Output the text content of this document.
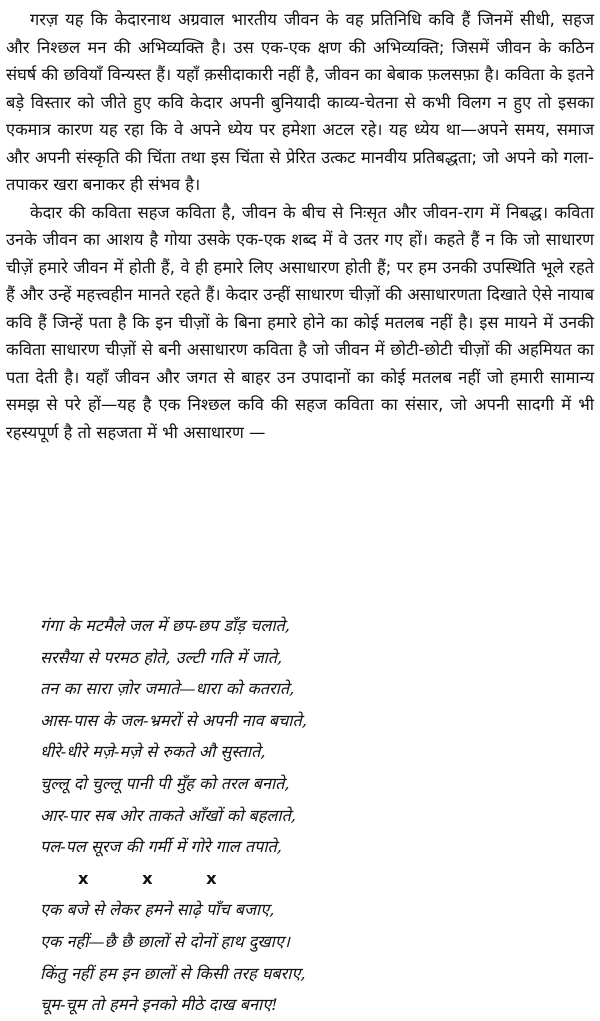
गरज़ यह कि केदारनाथ अग्रवाल भारतीय जीवन के वह प्रतिनिधि कवि हैं जिनमें सीधी, सहज और निश्छल मन की अभिव्यक्ति है। उस एक-एक क्षण की अभिव्यक्ति; जिसमें जीवन के कठिन संघर्ष की छवियाँ विन्यस्त हैं। यहाँ क़सीदाकारी नहीं है, जीवन का बेबाक फ़लसफ़ा है। कविता के इतने बड़े विस्तार को जीते हुए कवि केदार अपनी बुनियादी काव्य-चेतना से कभी विलग न हुए तो इसका एकमात्र कारण यह रहा कि वे अपने ध्येय पर हमेशा अटल रहे। यह ध्येय था—अपने समय, समाज और अपनी संस्कृति की चिंता तथा इस चिंता से प्रेरित उत्कट मानवीय प्रतिबद्धता; जो अपने को गला-तपाकर खरा बनाकर ही संभव है।

केदार की कविता सहज कविता है, जीवन के बीच से निःसृत और जीवन-राग में निबद्ध। कविता उनके जीवन का आशय है गोया उसके एक-एक शब्द में वे उतर गए हों। कहते हैं न कि जो साधारण चीज़ें हमारे जीवन में होती हैं, वे ही हमारे लिए असाधारण होती हैं; पर हम उनकी उपस्थिति भूले रहते हैं और उन्हें महत्त्वहीन मानते रहते हैं। केदार उन्हीं साधारण चीज़ों की असाधारणता दिखाते ऐसे नायाब कवि हैं जिन्हें पता है कि इन चीज़ों के बिना हमारे होने का कोई मतलब नहीं है। इस मायने में उनकी कविता साधारण चीज़ों से बनी असाधारण कविता है जो जीवन में छोटी-छोटी चीज़ों की अहमियत का पता देती है। यहाँ जीवन और जगत से बाहर उन उपादानों का कोई मतलब नहीं जो हमारी सामान्य समझ से परे हों—यह है एक निश्छल कवि की सहज कविता का संसार, जो अपनी सादगी में भी रहस्यपूर्ण है तो सहजता में भी असाधारण —

गंगा के मटमैले जल में छप-छप डाँड़ चलाते,
सरसैया से परमठ होते, उल्टी गति में जाते,
तन का सारा ज़ोर जमाते—धारा को कतराते,
आस-पास के जल-भ्रमरों से अपनी नाव बचाते,
धीरे-धीरे मज़े-मज़े से रुकते औ सुस्ताते,
चुल्लू दो चुल्लू पानी पी मुँह को तरल बनाते,
आर-पार सब ओर ताकते आँखों को बहलाते,
पल-पल सूरज की गर्मी में गोरे गाल तपाते,
x x x
एक बजे से लेकर हमने साढ़े पाँच बजाए,
एक नहीं—छै छै छालों से दोनों हाथ दुखाए।
किंतु नहीं हम इन छालों से किसी तरह घबराए,
चूम-चूम तो हमने इनको मीठे दाख बनाए!
